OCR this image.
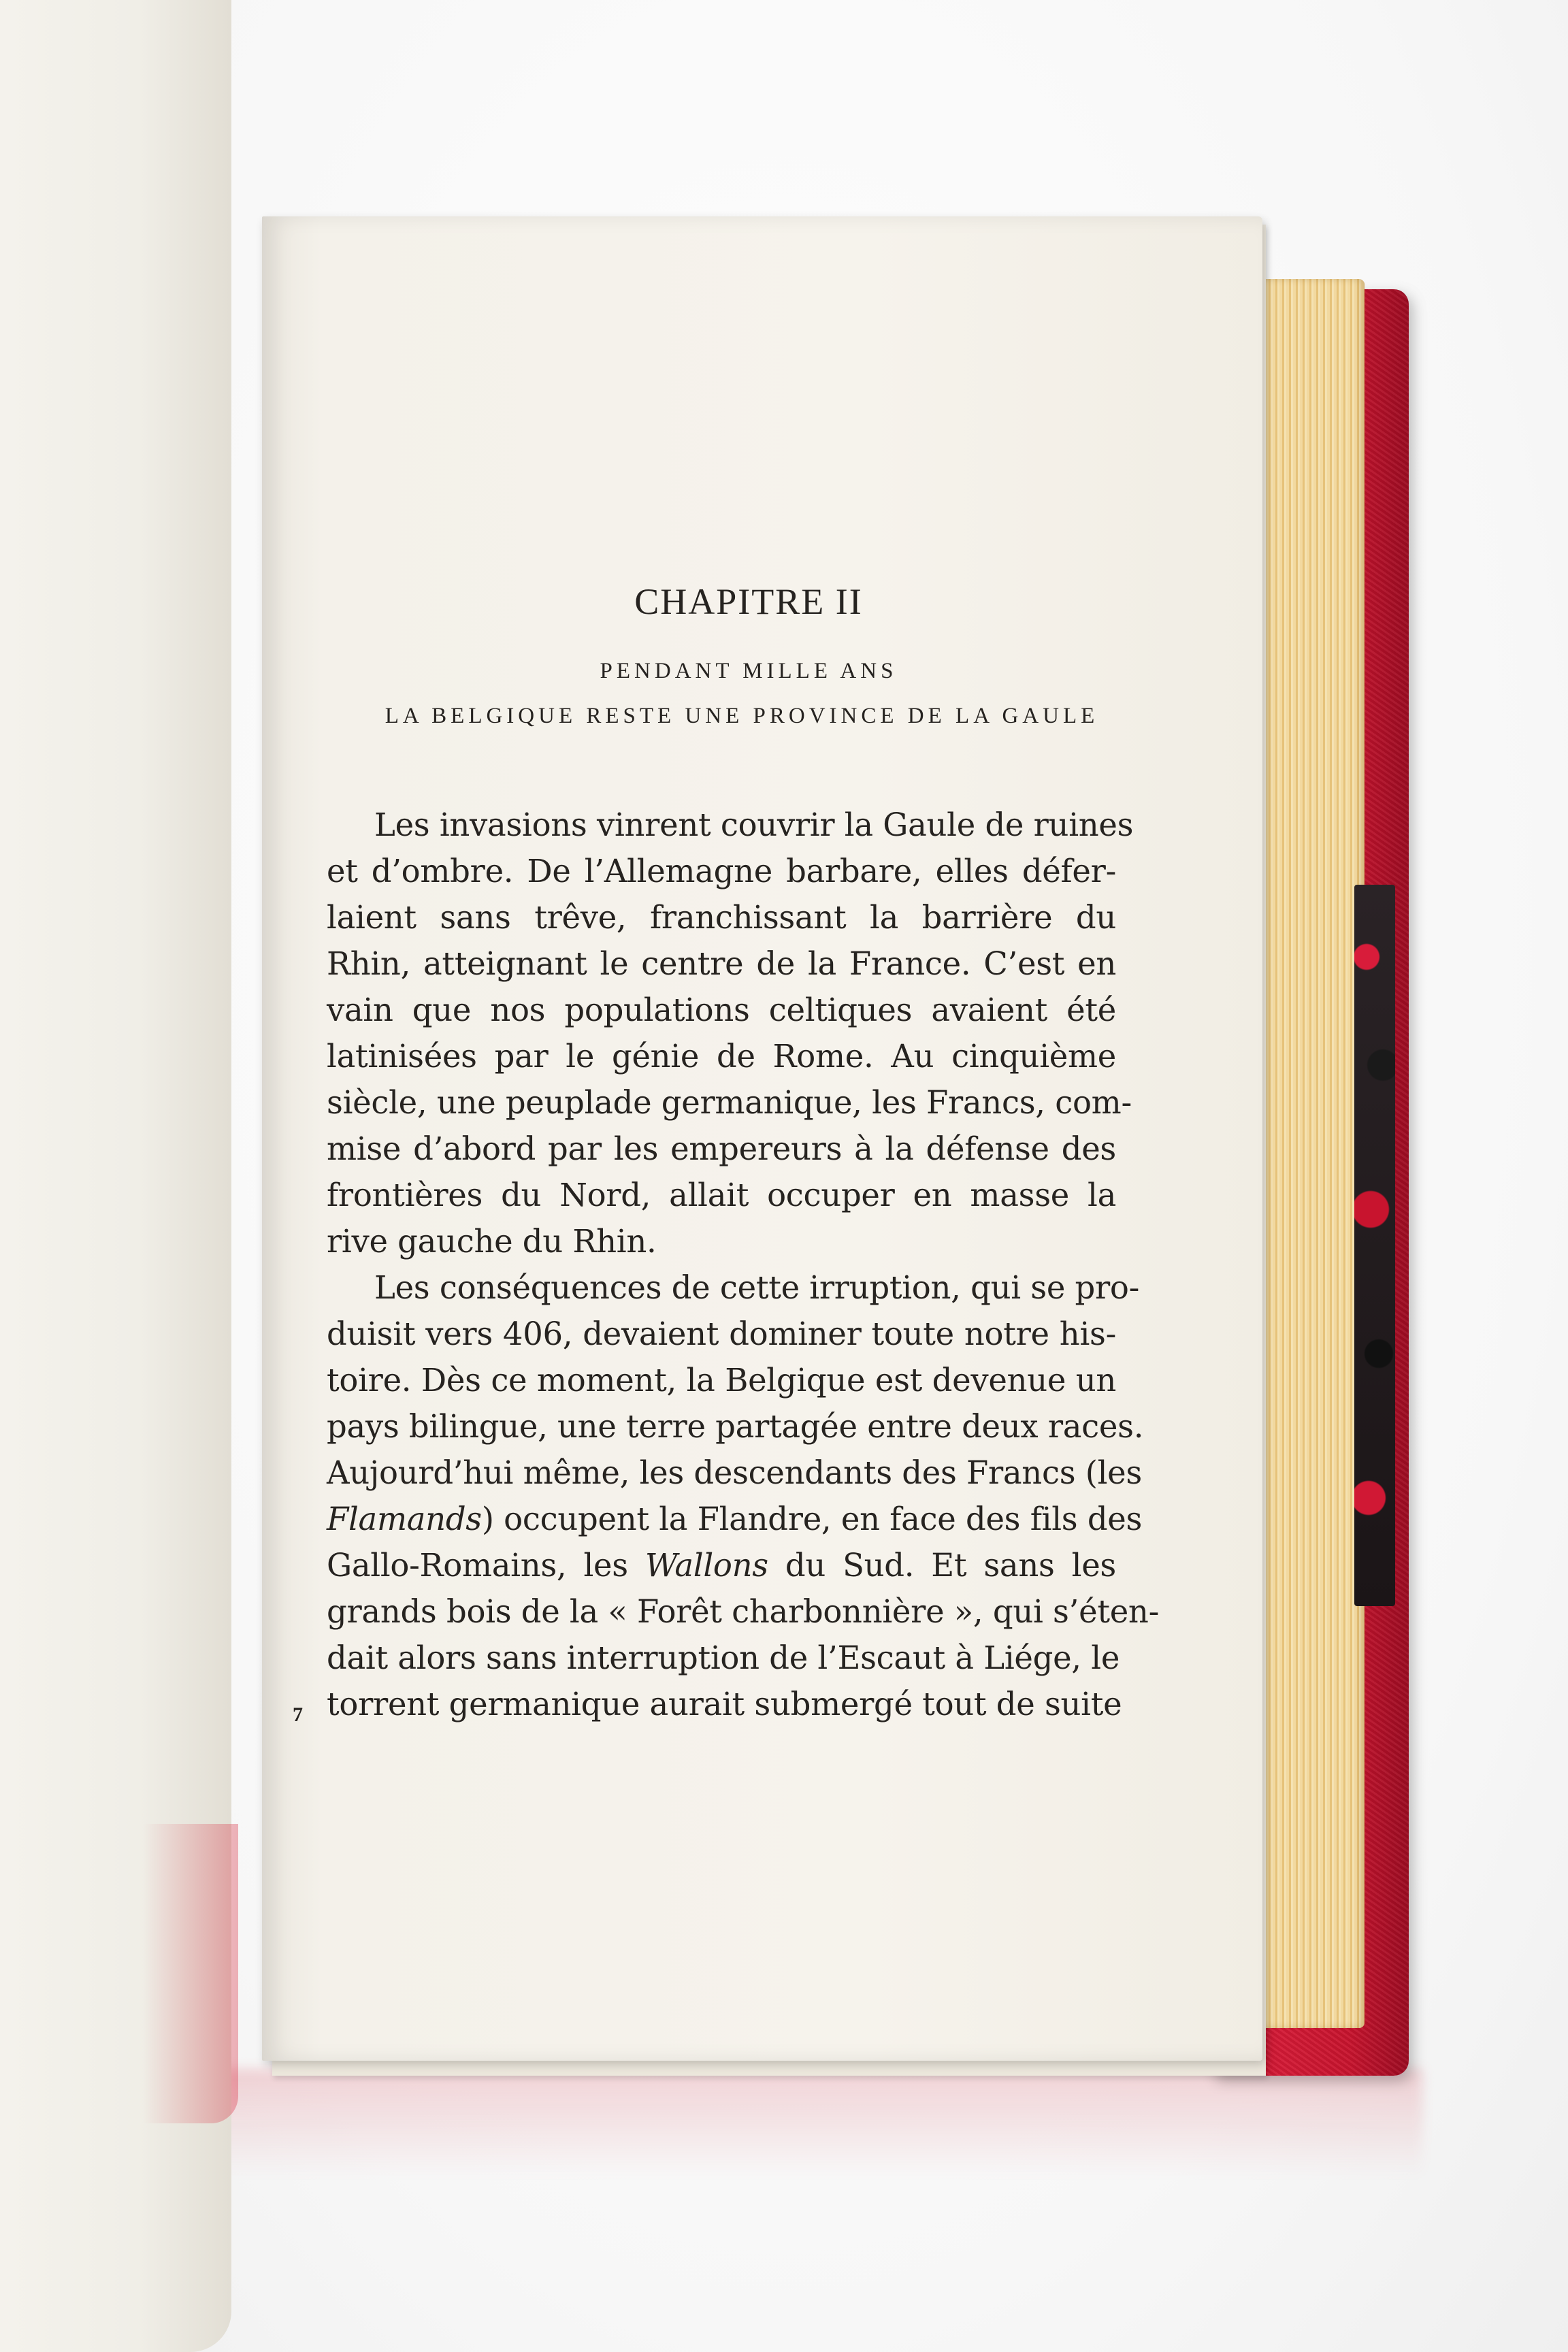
CHAPITRE II
PENDANT MILLE ANS
LA BELGIQUE RESTE UNE PROVINCE DE LA GAULE
Les invasions vinrent couvrir la Gaule de ruines
et d’ombre. De l’Allemagne barbare, elles défer-
laient sans trêve, franchissant la barrière du
Rhin, atteignant le centre de la France. C’est en
vain que nos populations celtiques avaient été
latinisées par le génie de Rome. Au cinquième
siècle, une peuplade germanique, les Francs, com-
mise d’abord par les empereurs à la défense des
frontières du Nord, allait occuper en masse la
rive gauche du Rhin.
Les conséquences de cette irruption, qui se pro-
duisit vers 406, devaient dominer toute notre his-
toire. Dès ce moment, la Belgique est devenue un
pays bilingue, une terre partagée entre deux races.
Aujourd’hui même, les descendants des Francs (les
Flamands) occupent la Flandre, en face des fils des
Gallo-Romains, les Wallons du Sud. Et sans les
grands bois de la « Forêt charbonnière », qui s’éten-
dait alors sans interruption de l’Escaut à Liége, le
torrent germanique aurait submergé tout de suite
7
